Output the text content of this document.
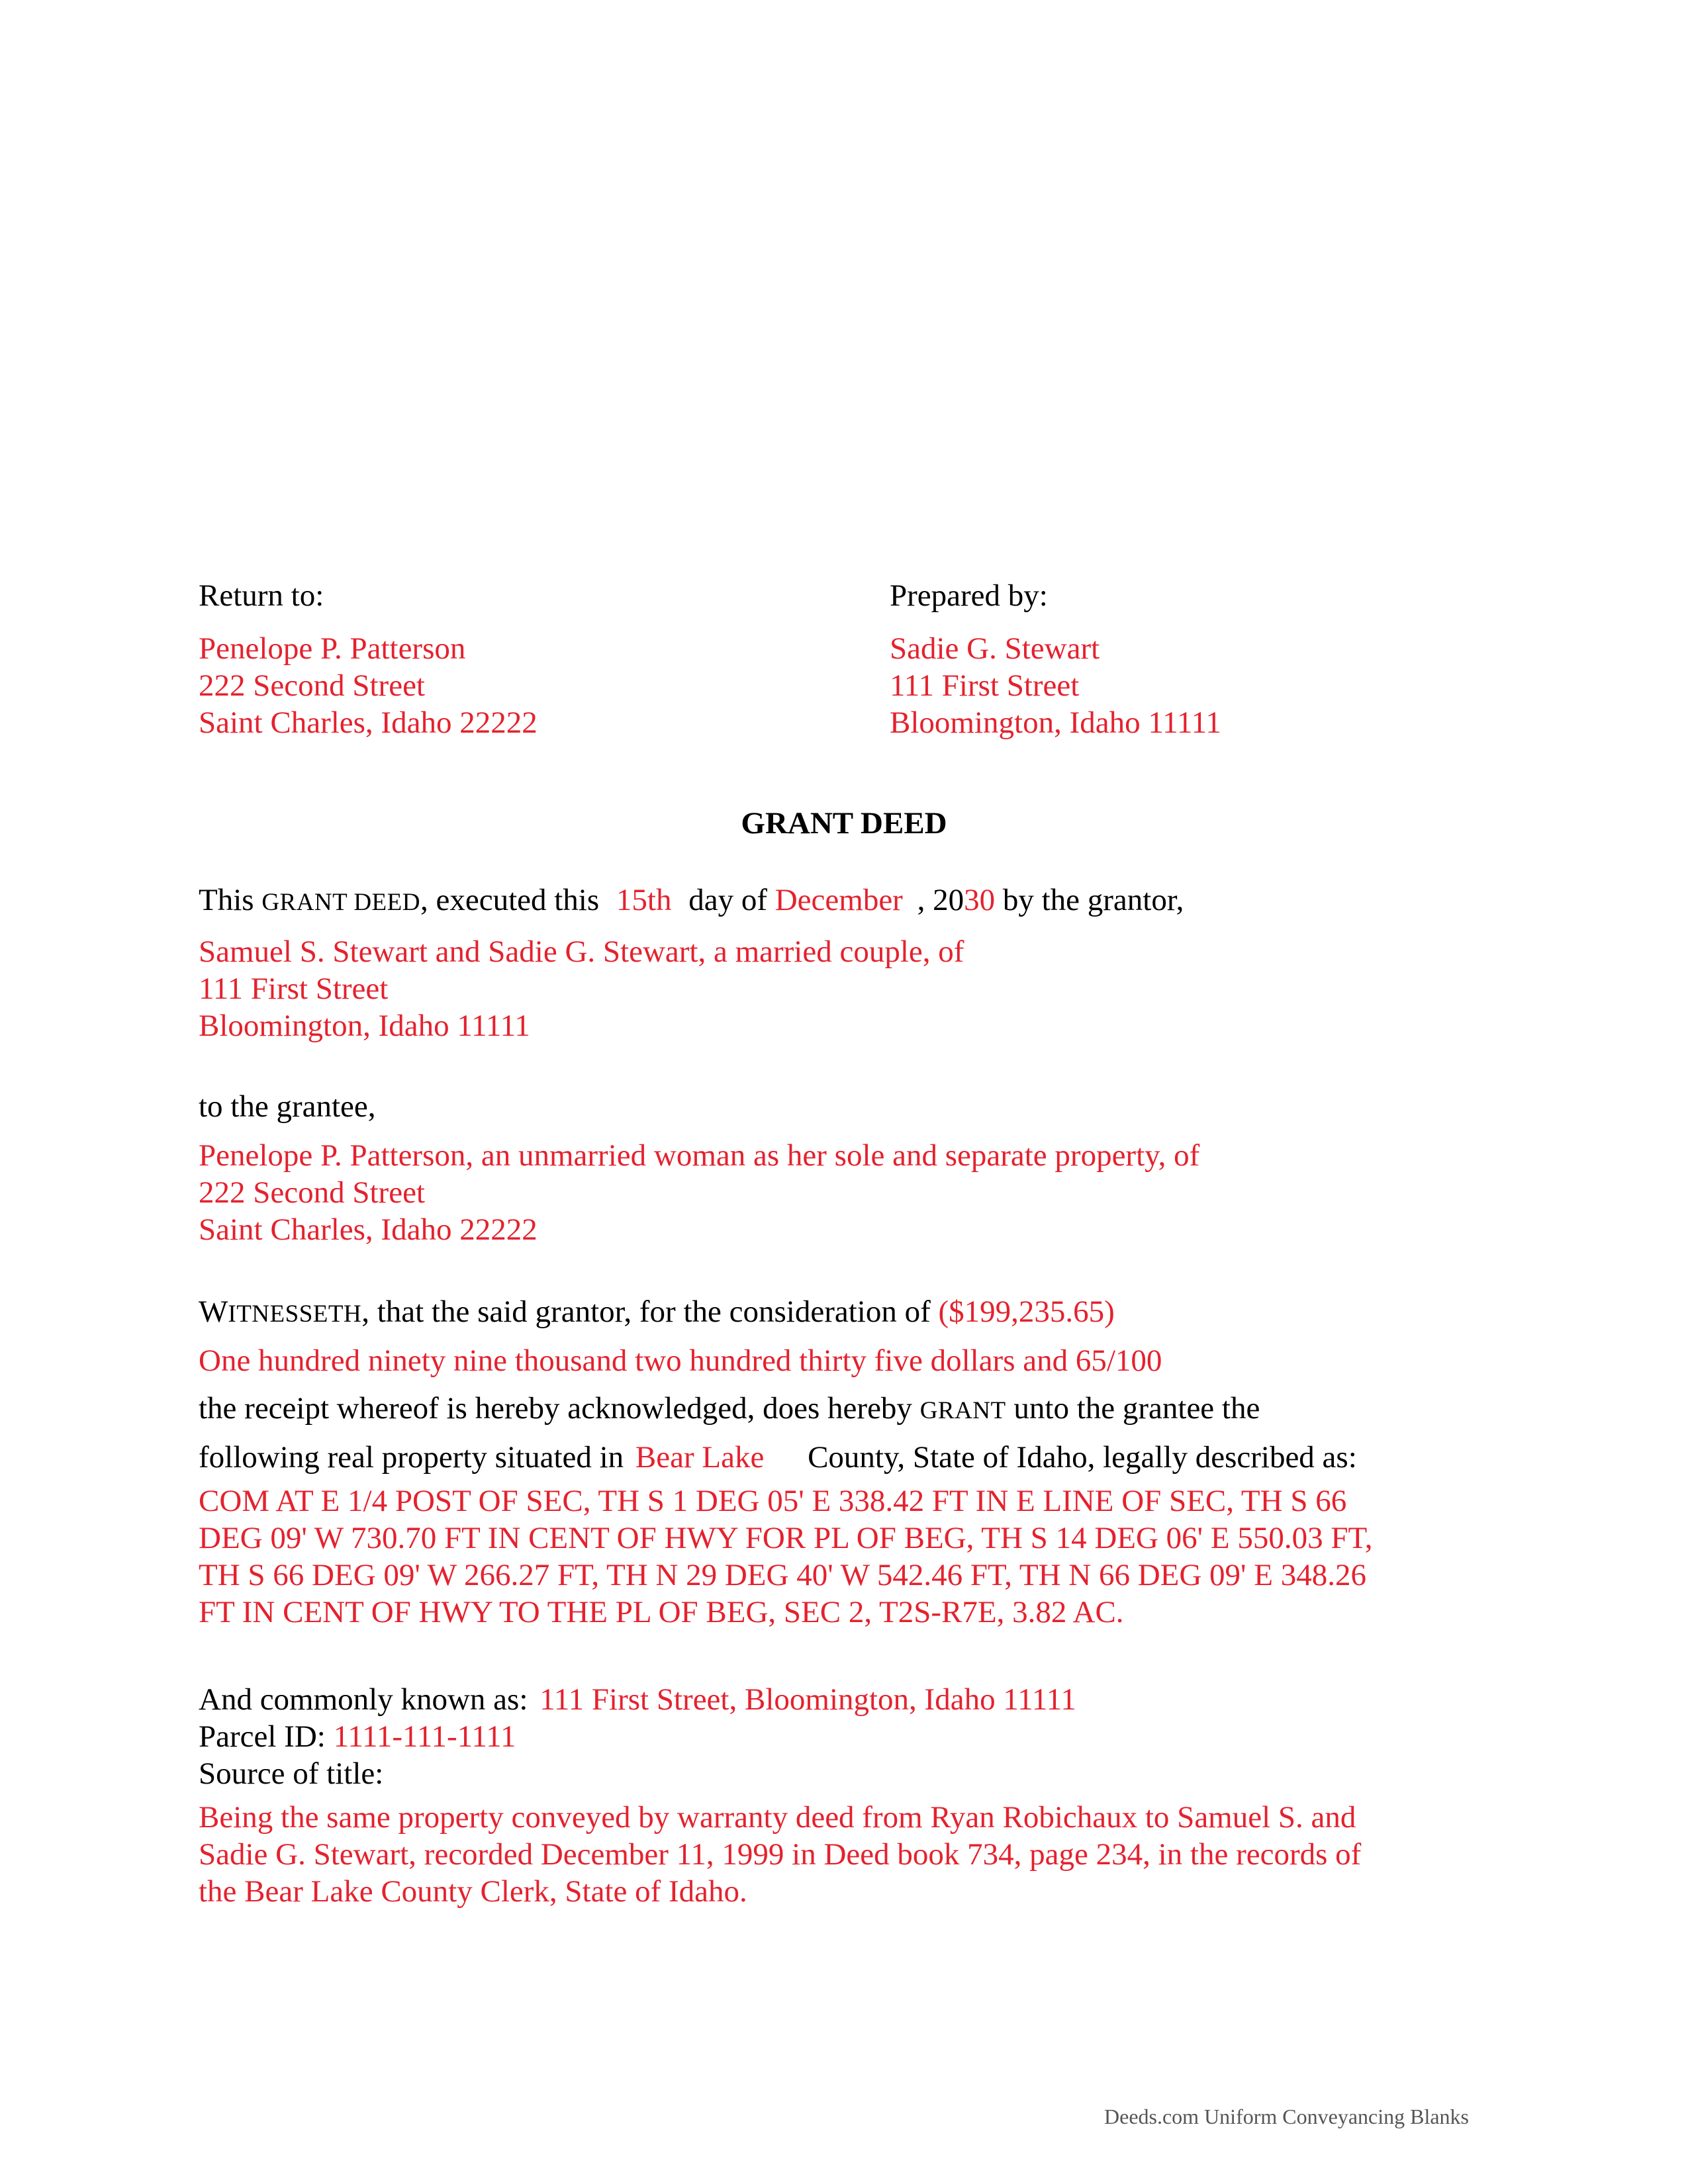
Return to:
Penelope P. Patterson
222 Second Street
Saint Charles, Idaho 22222
Prepared by:
Sadie G. Stewart
111 First Street
Bloomington, Idaho 11111
GRANT DEED
This GRANT DEED, executed this 15th day of December , 2030 by the grantor,
Samuel S. Stewart and Sadie G. Stewart, a married couple, of
111 First Street
Bloomington, Idaho 11111
to the grantee,
Penelope P. Patterson, an unmarried woman as her sole and separate property, of
222 Second Street
Saint Charles, Idaho 22222
WITNESSETH, that the said grantor, for the consideration of ($199,235.65)
One hundred ninety nine thousand two hundred thirty five dollars and 65/100
the receipt whereof is hereby acknowledged, does hereby GRANT unto the grantee the
following real property situated in Bear Lake County, State of Idaho, legally described as:
COM AT E 1/4 POST OF SEC, TH S 1 DEG 05' E 338.42 FT IN E LINE OF SEC, TH S 66
DEG 09' W 730.70 FT IN CENT OF HWY FOR PL OF BEG, TH S 14 DEG 06' E 550.03 FT,
TH S 66 DEG 09' W 266.27 FT, TH N 29 DEG 40' W 542.46 FT, TH N 66 DEG 09' E 348.26
FT IN CENT OF HWY TO THE PL OF BEG, SEC 2, T2S-R7E, 3.82 AC.
And commonly known as: 111 First Street, Bloomington, Idaho 11111
Parcel ID: 1111-111-1111
Source of title:
Being the same property conveyed by warranty deed from Ryan Robichaux to Samuel S. and
Sadie G. Stewart, recorded December 11, 1999 in Deed book 734, page 234, in the records of
the Bear Lake County Clerk, State of Idaho.
Deeds.com Uniform Conveyancing Blanks
